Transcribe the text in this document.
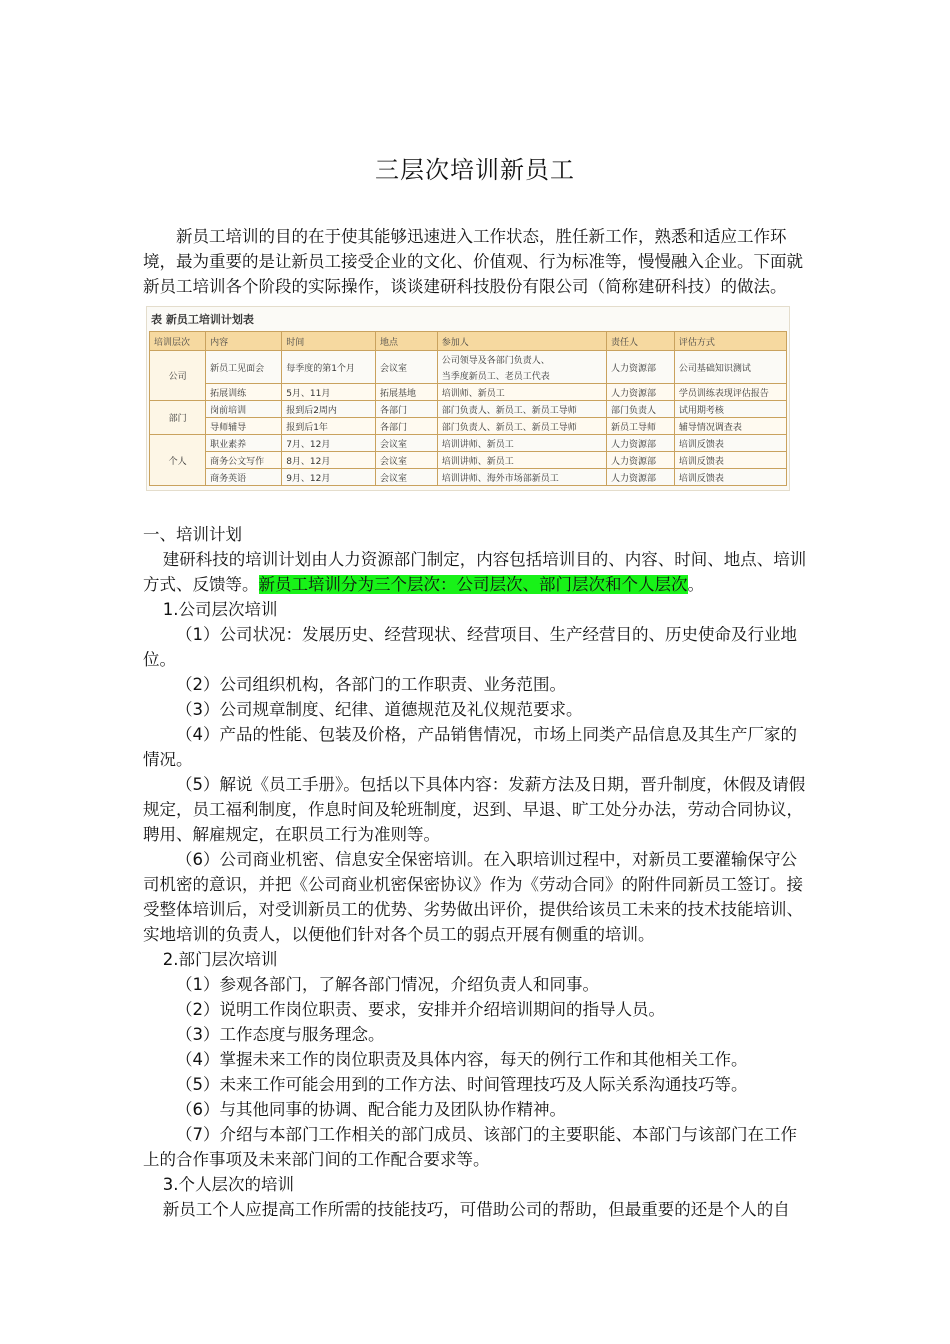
三层次培训新员工

新员工培训的目的在于使其能够迅速进入工作状态，胜任新工作，熟悉和适应工作环境，最为重要的是让新员工接受企业的文化、价值观、行为标准等，慢慢融入企业。下面就新员工培训各个阶段的实际操作，谈谈建研科技股份有限公司（简称建研科技）的做法。

表 新员工培训计划表
培训层次	内容	时间	地点	参加人	责任人	评估方式
公司	新员工见面会	每季度的第1个月	会议室	公司领导及各部门负责人、	人力资源部	公司基础知识测试
				当季度新员工、老员工代表		
	拓展训练	5月、11月	拓展基地	培训师、新员工	人力资源部	学员训练表现评估报告
部门	岗前培训	报到后2周内	各部门	部门负责人、新员工、新员工导师	部门负责人	试用期考核
	导师辅导	报到后1年	各部门	部门负责人、新员工、新员工导师	新员工导师	辅导情况调查表
个人	职业素养	7月、12月	会议室	培训讲师、新员工	人力资源部	培训反馈表
	商务公文写作	8月、12月	会议室	培训讲师、新员工	人力资源部	培训反馈表
	商务英语	9月、12月	会议室	培训讲师、海外市场部新员工	人力资源部	培训反馈表

一、培训计划

建研科技的培训计划由人力资源部门制定，内容包括培训目的、内容、时间、地点、培训方式、反馈等。新员工培训分为三个层次：公司层次、部门层次和个人层次。

1.公司层次培训

（1）公司状况：发展历史、经营现状、经营项目、生产经营目的、历史使命及行业地位。

（2）公司组织机构，各部门的工作职责、业务范围。

（3）公司规章制度、纪律、道德规范及礼仪规范要求。

（4）产品的性能、包装及价格，产品销售情况，市场上同类产品信息及其生产厂家的情况。

（5）解说《员工手册》。包括以下具体内容：发薪方法及日期，晋升制度，休假及请假规定，员工福利制度，作息时间及轮班制度，迟到、早退、旷工处分办法，劳动合同协议，聘用、解雇规定，在职员工行为准则等。

（6）公司商业机密、信息安全保密培训。在入职培训过程中，对新员工要灌输保守公司机密的意识，并把《公司商业机密保密协议》作为《劳动合同》的附件同新员工签订。接受整体培训后，对受训新员工的优势、劣势做出评价，提供给该员工未来的技术技能培训、实地培训的负责人，以便他们针对各个员工的弱点开展有侧重的培训。

2.部门层次培训

（1）参观各部门，了解各部门情况，介绍负责人和同事。

（2）说明工作岗位职责、要求，安排并介绍培训期间的指导人员。

（3）工作态度与服务理念。

（4）掌握未来工作的岗位职责及具体内容，每天的例行工作和其他相关工作。

（5）未来工作可能会用到的工作方法、时间管理技巧及人际关系沟通技巧等。

（6）与其他同事的协调、配合能力及团队协作精神。

（7）介绍与本部门工作相关的部门成员、该部门的主要职能、本部门与该部门在工作上的合作事项及未来部门间的工作配合要求等。

3.个人层次的培训

新员工个人应提高工作所需的技能技巧，可借助公司的帮助，但最重要的还是个人的自
